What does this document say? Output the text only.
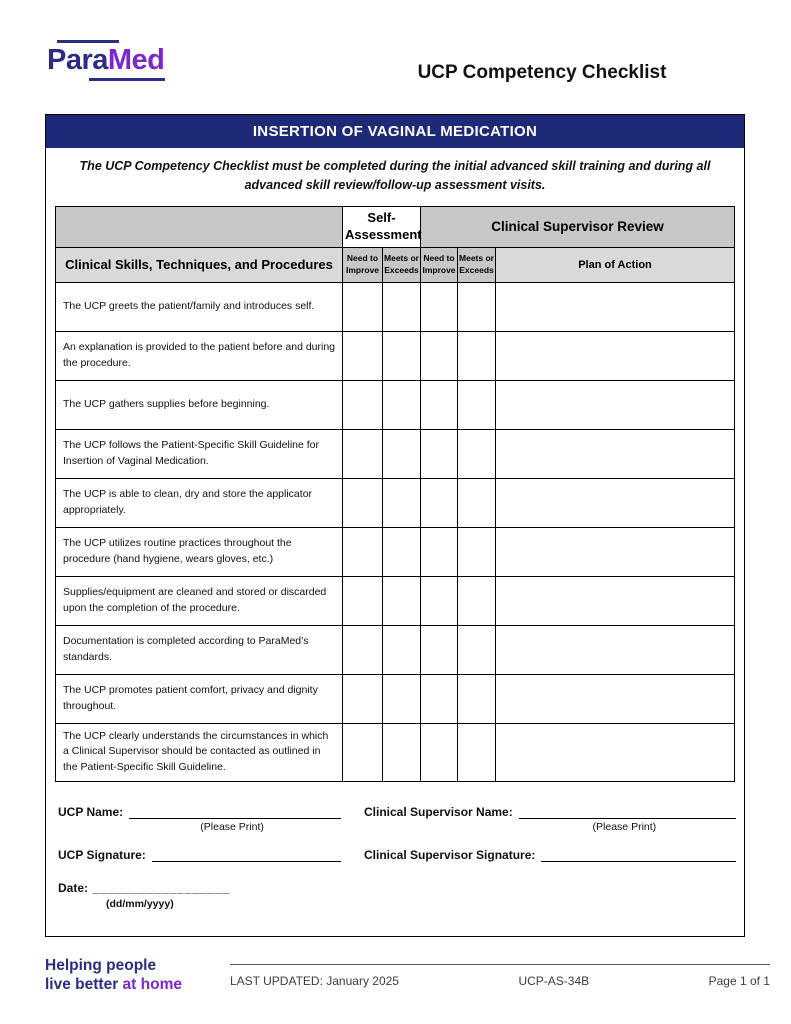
ParaMed	UCP Competency Checklist
INSERTION OF VAGINAL MEDICATION
The UCP Competency Checklist must be completed during the initial advanced skill training and during all advanced skill review/follow-up assessment visits.
	Self-Assessment		Clinical Supervisor Review		
Clinical Skills, Techniques, and Procedures	Need to Improve	Meets or Exceeds	Need to Improve	Meets or Exceeds	Plan of Action
The UCP greets the patient/family and introduces self.					
An explanation is provided to the patient before and during the procedure.					
The UCP gathers supplies before beginning.					
The UCP follows the Patient-Specific Skill Guideline for Insertion of Vaginal Medication.					
The UCP is able to clean, dry and store the applicator appropriately.					
The UCP utilizes routine practices throughout the procedure (hand hygiene, wears gloves, etc.)					
Supplies/equipment are cleaned and stored or discarded upon the completion of the procedure.					
Documentation is completed according to ParaMed’s standards.					
The UCP promotes patient comfort, privacy and dignity throughout.					
The UCP clearly understands the circumstances in which a Clinical Supervisor should be contacted as outlined in the Patient-Specific Skill Guideline.					
UCP Name:
(Please Print)
Clinical Supervisor Name:
(Please Print)
UCP Signature:	Clinical Supervisor Signature:
Date: __________________
(dd/mm/yyyy)
Helping people
live better at home	LAST UPDATED: January 2025	UCP-AS-34B	Page 1 of 1
